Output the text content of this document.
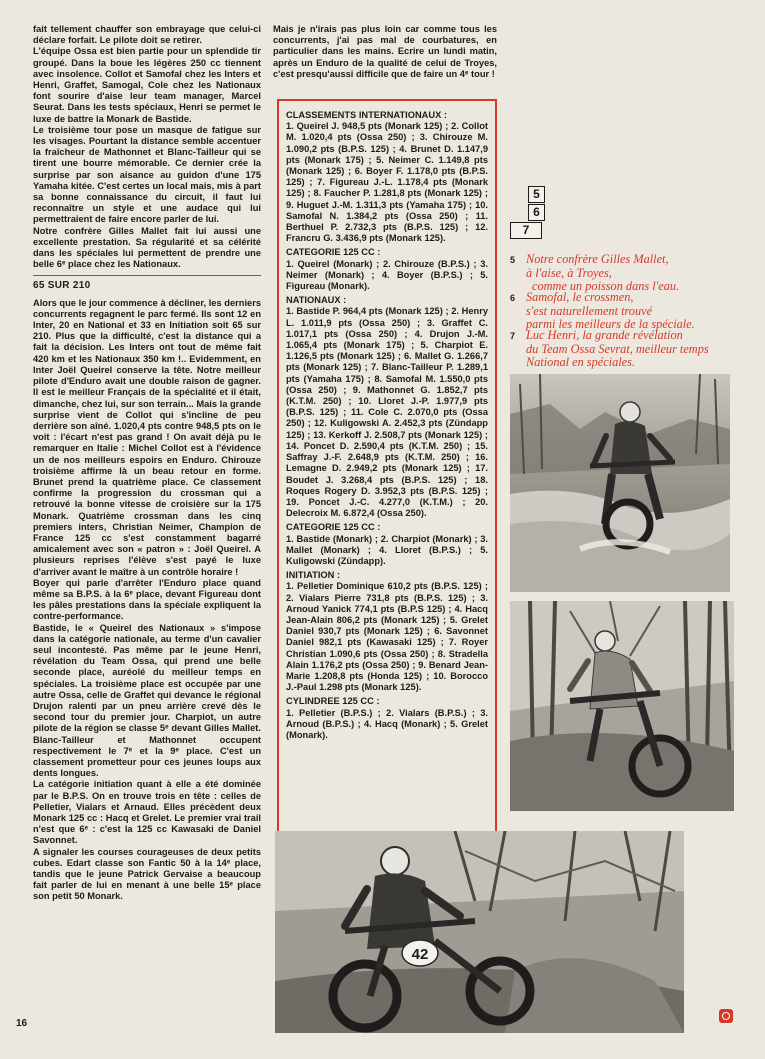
fait tellement chauffer son embrayage que celui-ci déclare forfait. Le pilote doit se retirer.

L'équipe Ossa est bien partie pour un splendide tir groupé. Dans la boue les légères 250 cc tiennent avec insolence. Collot et Samofal chez les Inters et Henri, Graffet, Samogal, Cole chez les Nationaux font sourire d'aise leur team manager, Marcel Seurat. Dans les tests spéciaux, Henri se permet le luxe de battre la Monark de Bastide.

Le troisième tour pose un masque de fatigue sur les visages. Pourtant la distance semble accentuer la fraîcheur de Mathonnet et Blanc-Tailleur qui se tirent une bourre mémorable. Ce dernier crée la surprise par son aisance au guidon d'une 175 Yamaha kitée. C'est certes un local mais, mis à part sa bonne connaissance du circuit, il faut lui reconnaître un style et une audace qui lui permettraient de faire encore parler de lui.

Notre confrère Gilles Mallet fait lui aussi une excellente prestation. Sa régularité et sa célérité dans les spéciales lui permettent de prendre une belle 6ᵉ place chez les Nationaux.

65 SUR 210

Alors que le jour commence à décliner, les derniers concurrents regagnent le parc fermé. Ils sont 12 en Inter, 20 en National et 33 en Initiation soit 65 sur 210. Plus que la difficulté, c'est la distance qui a fait la décision. Les Inters ont tout de même fait 420 km et les Nationaux 350 km !.. Evidemment, en Inter Joël Queirel conserve la tête. Notre meilleur pilote d'Enduro avait une double raison de gagner. Il est le meilleur Français de la spécialité et il était, dimanche, chez lui, sur son terrain... Mais la grande surprise vient de Collot qui s'incline de peu derrière son aîné. 1.020,4 pts contre 948,5 pts on le voit : l'écart n'est pas grand ! On avait déjà pu le remarquer en Italie : Michel Collot est à l'évidence un de nos meilleurs espoirs en Enduro. Chirouze troisième affirme là un beau retour en forme. Brunet prend la quatrième place. Ce classement confirme la progression du crossman qui a retrouvé la bonne vitesse de croisière sur la 175 Monark. Quatrième crossman dans les cinq premiers inters, Christian Neimer, Champion de France 125 cc s'est constamment bagarré amicalement avec son « patron » : Joël Queirel. A plusieurs reprises l'élève s'est payé le luxe d'arriver avant le maître à un contrôle horaire !

Boyer qui parle d'arrêter l'Enduro place quand même sa B.P.S. à la 6ᵉ place, devant Figureau dont les pâles prestations dans la spéciale expliquent la contre-performance.

Bastide, le « Queirel des Nationaux » s'impose dans la catégorie nationale, au terme d'un cavalier seul incontesté. Pas même par le jeune Henri, révélation du Team Ossa, qui prend une belle seconde place, auréolé du meilleur temps en spéciales. La troisième place est occupée par une autre Ossa, celle de Graffet qui devance le régional Drujon ralenti par un pneu arrière crevé dès le second tour du premier jour. Charpiot, un autre pilote de la région se classe 5ᵉ devant Gilles Mallet. Blanc-Tailleur et Mathonnet occupent respectivement le 7ᵉ et la 9ᵉ place. C'est un classement prometteur pour ces jeunes loups aux dents longues.

La catégorie initiation quant à elle a été dominée par le B.P.S. On en trouve trois en tête : celles de Pelletier, Vialars et Arnaud. Elles précèdent deux Monark 125 cc : Hacq et Grelet. Le premier vrai trail n'est que 6ᵉ : c'est la 125 cc Kawasaki de Daniel Savonnet.

A signaler les courses courageuses de deux petits cubes. Edart classe son Fantic 50 à la 14ᵉ place, tandis que le jeune Patrick Gervaise a beaucoup fait parler de lui en menant à une belle 15ᵉ place son petit 50 Monark.

Mais je n'irais pas plus loin car comme tous les concurrents, j'ai pas mal de courbatures, en particulier dans les mains. Ecrire un lundi matin, après un Enduro de la qualité de celui de Troyes, c'est presqu'aussi difficile que de faire un 4ᵉ tour !

CLASSEMENTS INTERNATIONAUX :

1. Queirel J. 948,5 pts (Monark 125) ; 2. Collot M. 1.020,4 pts (Ossa 250) ; 3. Chirouze M. 1.090,2 pts (B.P.S. 125) ; 4. Brunet D. 1.147,9 pts (Monark 175) ; 5. Neimer C. 1.149,8 pts (Monark 125) ; 6. Boyer F. 1.178,0 pts (B.P.S. 125) ; 7. Figureau J.-L. 1.178,4 pts (Monark 125) ; 8. Faucher P. 1.281,8 pts (Monark 125) ; 9. Huguet J.-M. 1.311,3 pts (Yamaha 175) ; 10. Samofal N. 1.384,2 pts (Ossa 250) ; 11. Berthuel P. 2.732,3 pts (B.P.S. 125) ; 12. Francru G. 3.436,9 pts (Monark 125).

CATEGORIE 125 CC :

1. Queirel (Monark) ; 2. Chirouze (B.P.S.) ; 3. Neimer (Monark) ; 4. Boyer (B.P.S.) ; 5. Figureau (Monark).

NATIONAUX :

1. Bastide P. 964,4 pts (Monark 125) ; 2. Henry L. 1.011,9 pts (Ossa 250) ; 3. Graffet C. 1.017,1 pts (Ossa 250) ; 4. Drujon J.-M. 1.065,4 pts (Monark 175) ; 5. Charpiot E. 1.126,5 pts (Monark 125) ; 6. Mallet G. 1.266,7 pts (Monark 125) ; 7. Blanc-Tailleur P. 1.289,1 pts (Yamaha 175) ; 8. Samofal M. 1.550,0 pts (Ossa 250) ; 9. Mathonnet G. 1.852,7 pts (K.T.M. 250) ; 10. Lloret J.-P. 1.977,9 pts (B.P.S. 125) ; 11. Cole C. 2.070,0 pts (Ossa 250) ; 12. Kuligowski A. 2.452,3 pts (Zündapp 125) ; 13. Kerkoff J. 2.508,7 pts (Monark 125) ; 14. Poncet D. 2.590,4 pts (K.T.M. 250) ; 15. Saffray J.-F. 2.648,9 pts (K.T.M. 250) ; 16. Lemagne D. 2.949,2 pts (Monark 125) ; 17. Boudet J. 3.268,4 pts (B.P.S. 125) ; 18. Roques Rogery D. 3.952,3 pts (B.P.S. 125) ; 19. Poncet J.-C. 4.277,0 (K.T.M.) ; 20. Delecroix M. 6.872,4 (Ossa 250).

CATEGORIE 125 CC :

1. Bastide (Monark) ; 2. Charpiot (Monark) ; 3. Mallet (Monark) ; 4. Lloret (B.P.S.) ; 5. Kuligowski (Zündapp).

INITIATION :

1. Pelletier Dominique 610,2 pts (B.P.S. 125) ; 2. Vialars Pierre 731,8 pts (B.P.S. 125) ; 3. Arnoud Yanick 774,1 pts (B.P.S 125) ; 4. Hacq Jean-Alain 806,2 pts (Monark 125) ; 5. Grelet Daniel 930,7 pts (Monark 125) ; 6. Savonnet Daniel 982,1 pts (Kawasaki 125) ; 7. Royer Christian 1.090,6 pts (Ossa 250) ; 8. Stradella Alain 1.176,2 pts (Ossa 250) ; 9. Benard Jean-Marie 1.208,8 pts (Honda 125) ; 10. Borocco J.-Paul 1.298 pts (Monark 125).

CYLINDREE 125 CC :

1. Pelletier (B.P.S.) ; 2. Vialars (B.P.S.) ; 3. Arnoud (B.P.S.) ; 4. Hacq (Monark) ; 5. Grelet (Monark).

5
6
7
5 Notre confrère Gilles Mallet,
à l'aise, à Troyes,
comme un poisson dans l'eau.
6 Samofal, le crossmen,
s'est naturellement trouvé
parmi les meilleurs de la spéciale.
7 Luc Henri, la grande révélation
du Team Ossa Sevrat, meilleur temps
National en spéciales.
42
16
